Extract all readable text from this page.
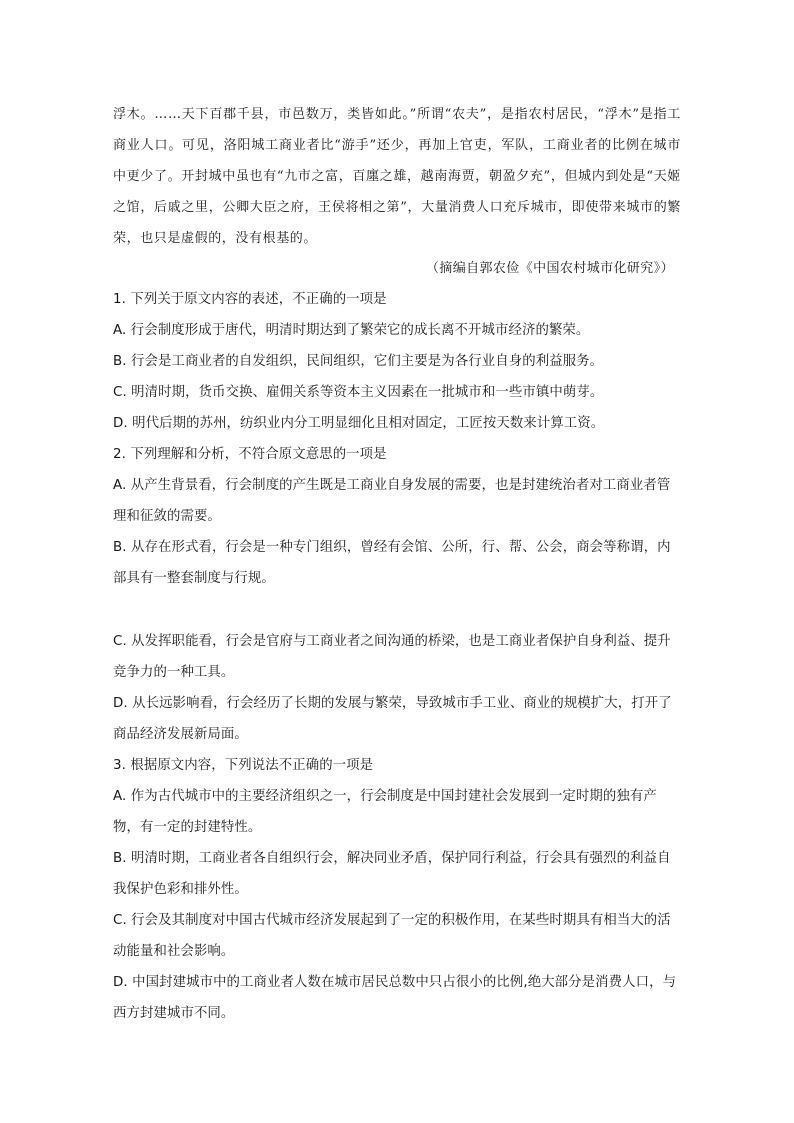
浮木。……天下百郡千县，市邑数万，类皆如此。”所谓“农夫”，是指农村居民，“浮木”是指工商业人口。可见，洛阳城工商业者比“游手”还少，再加上官吏，军队，工商业者的比例在城市中更少了。开封城中虽也有“九市之富，百廛之雄，越南海贾，朝盈夕充”，但城内到处是“天姬之馆，后戚之里，公卿大臣之府，王侯将相之第”，大量消费人口充斥城市，即使带来城市的繁荣，也只是虚假的，没有根基的。

（摘编自郭农俭《中国农村城市化研究》）

1. 下列关于原文内容的表述，不正确的一项是

A. 行会制度形成于唐代，明清时期达到了繁荣它的成长离不开城市经济的繁荣。

B. 行会是工商业者的自发组织，民间组织，它们主要是为各行业自身的利益服务。

C. 明清时期，货币交换、雇佣关系等资本主义因素在一批城市和一些市镇中萌芽。

D. 明代后期的苏州，纺织业内分工明显细化且相对固定，工匠按天数来计算工资。

2. 下列理解和分析，不符合原文意思的一项是

A. 从产生背景看，行会制度的产生既是工商业自身发展的需要，也是封建统治者对工商业者管理和征敛的需要。

B. 从存在形式看，行会是一种专门组织，曾经有会馆、公所，行、帮、公会，商会等称谓，内部具有一整套制度与行规。

C. 从发挥职能看，行会是官府与工商业者之间沟通的桥梁，也是工商业者保护自身利益、提升竞争力的一种工具。

D. 从长远影响看，行会经历了长期的发展与繁荣，导致城市手工业、商业的规模扩大，打开了商品经济发展新局面。

3. 根据原文内容，下列说法不正确的一项是

A. 作为古代城市中的主要经济组织之一，行会制度是中国封建社会发展到一定时期的独有产物，有一定的封建特性。

B. 明清时期，工商业者各自组织行会，解决同业矛盾，保护同行利益，行会具有强烈的利益自我保护色彩和排外性。

C. 行会及其制度对中国古代城市经济发展起到了一定的积极作用，在某些时期具有相当大的活动能量和社会影响。

D. 中国封建城市中的工商业者人数在城市居民总数中只占很小的比例,绝大部分是消费人口，与西方封建城市不同。
